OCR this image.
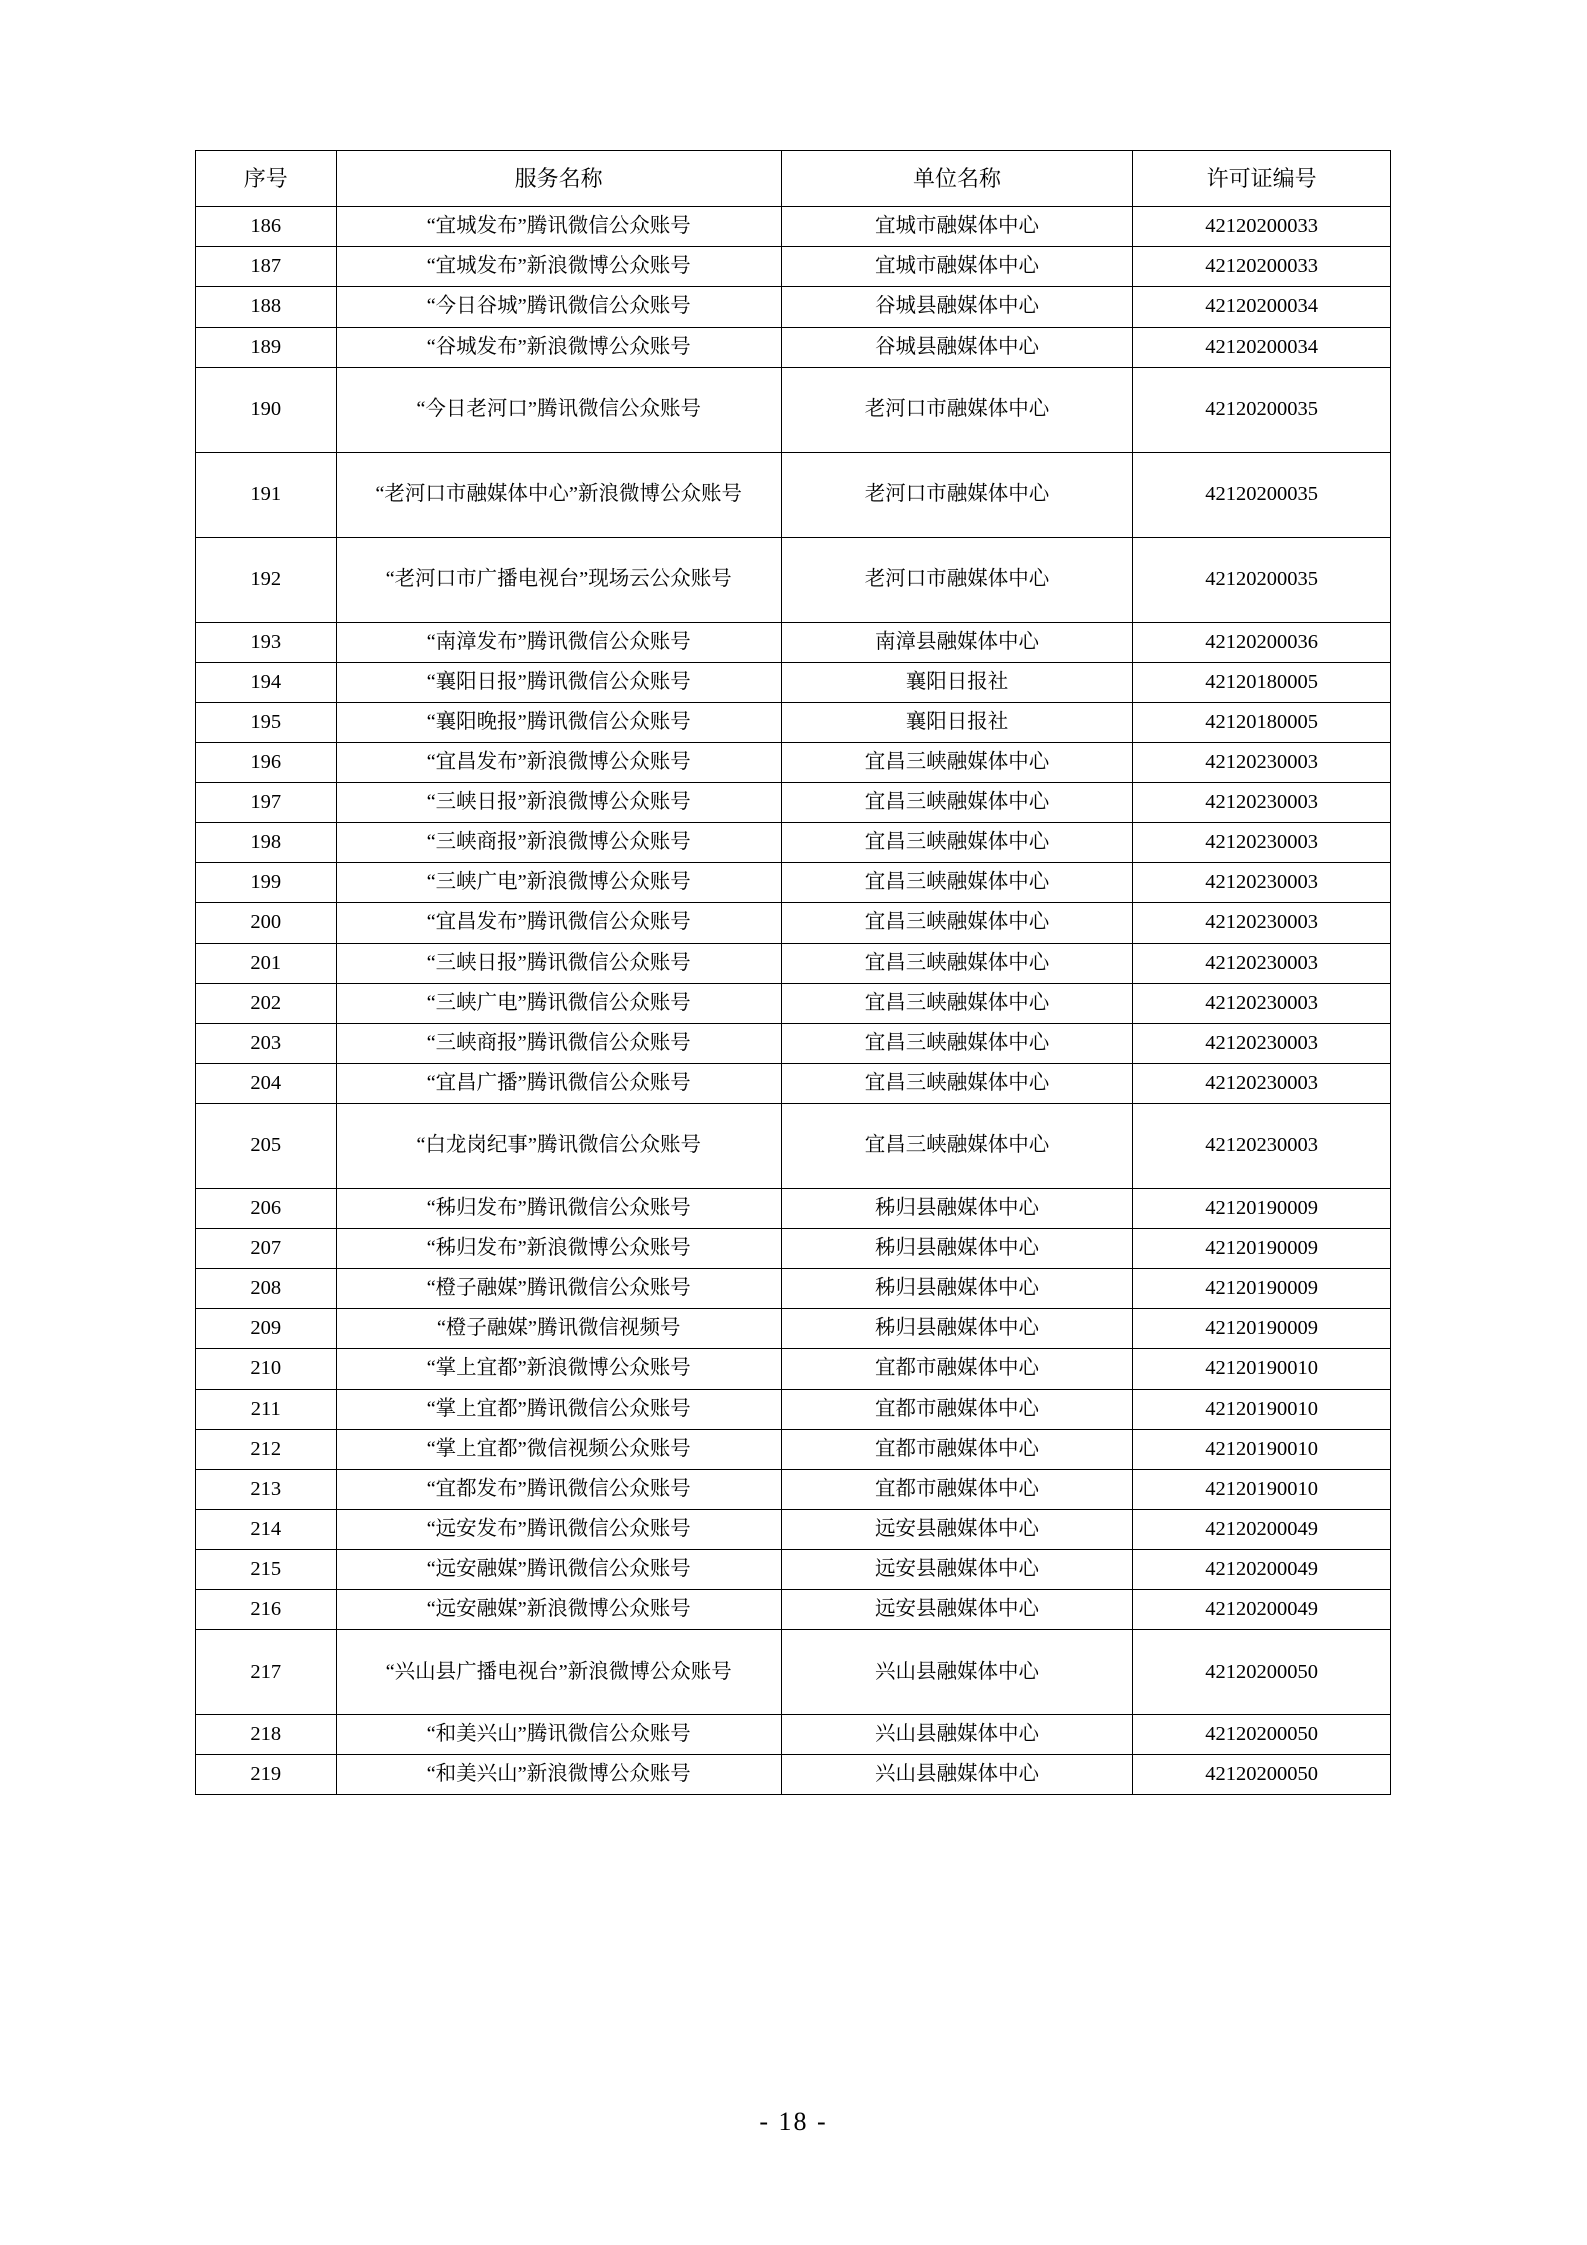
序号	服务名称	单位名称	许可证编号
186	“宜城发布”腾讯微信公众账号	宜城市融媒体中心	42120200033
187	“宜城发布”新浪微博公众账号	宜城市融媒体中心	42120200033
188	“今日谷城”腾讯微信公众账号	谷城县融媒体中心	42120200034
189	“谷城发布”新浪微博公众账号	谷城县融媒体中心	42120200034
190	“今日老河口”腾讯微信公众账号	老河口市融媒体中心	42120200035
191	“老河口市融媒体中心”新浪微博公众账号	老河口市融媒体中心	42120200035
192	“老河口市广播电视台”现场云公众账号	老河口市融媒体中心	42120200035
193	“南漳发布”腾讯微信公众账号	南漳县融媒体中心	42120200036
194	“襄阳日报”腾讯微信公众账号	襄阳日报社	42120180005
195	“襄阳晚报”腾讯微信公众账号	襄阳日报社	42120180005
196	“宜昌发布”新浪微博公众账号	宜昌三峡融媒体中心	42120230003
197	“三峡日报”新浪微博公众账号	宜昌三峡融媒体中心	42120230003
198	“三峡商报”新浪微博公众账号	宜昌三峡融媒体中心	42120230003
199	“三峡广电”新浪微博公众账号	宜昌三峡融媒体中心	42120230003
200	“宜昌发布”腾讯微信公众账号	宜昌三峡融媒体中心	42120230003
201	“三峡日报”腾讯微信公众账号	宜昌三峡融媒体中心	42120230003
202	“三峡广电”腾讯微信公众账号	宜昌三峡融媒体中心	42120230003
203	“三峡商报”腾讯微信公众账号	宜昌三峡融媒体中心	42120230003
204	“宜昌广播”腾讯微信公众账号	宜昌三峡融媒体中心	42120230003
205	“白龙岗纪事”腾讯微信公众账号	宜昌三峡融媒体中心	42120230003
206	“秭归发布”腾讯微信公众账号	秭归县融媒体中心	42120190009
207	“秭归发布”新浪微博公众账号	秭归县融媒体中心	42120190009
208	“橙子融媒”腾讯微信公众账号	秭归县融媒体中心	42120190009
209	“橙子融媒”腾讯微信视频号	秭归县融媒体中心	42120190009
210	“掌上宜都”新浪微博公众账号	宜都市融媒体中心	42120190010
211	“掌上宜都”腾讯微信公众账号	宜都市融媒体中心	42120190010
212	“掌上宜都”微信视频公众账号	宜都市融媒体中心	42120190010
213	“宜都发布”腾讯微信公众账号	宜都市融媒体中心	42120190010
214	“远安发布”腾讯微信公众账号	远安县融媒体中心	42120200049
215	“远安融媒”腾讯微信公众账号	远安县融媒体中心	42120200049
216	“远安融媒”新浪微博公众账号	远安县融媒体中心	42120200049
217	“兴山县广播电视台”新浪微博公众账号	兴山县融媒体中心	42120200050
218	“和美兴山”腾讯微信公众账号	兴山县融媒体中心	42120200050
219	“和美兴山”新浪微博公众账号	兴山县融媒体中心	42120200050
- 18 -
